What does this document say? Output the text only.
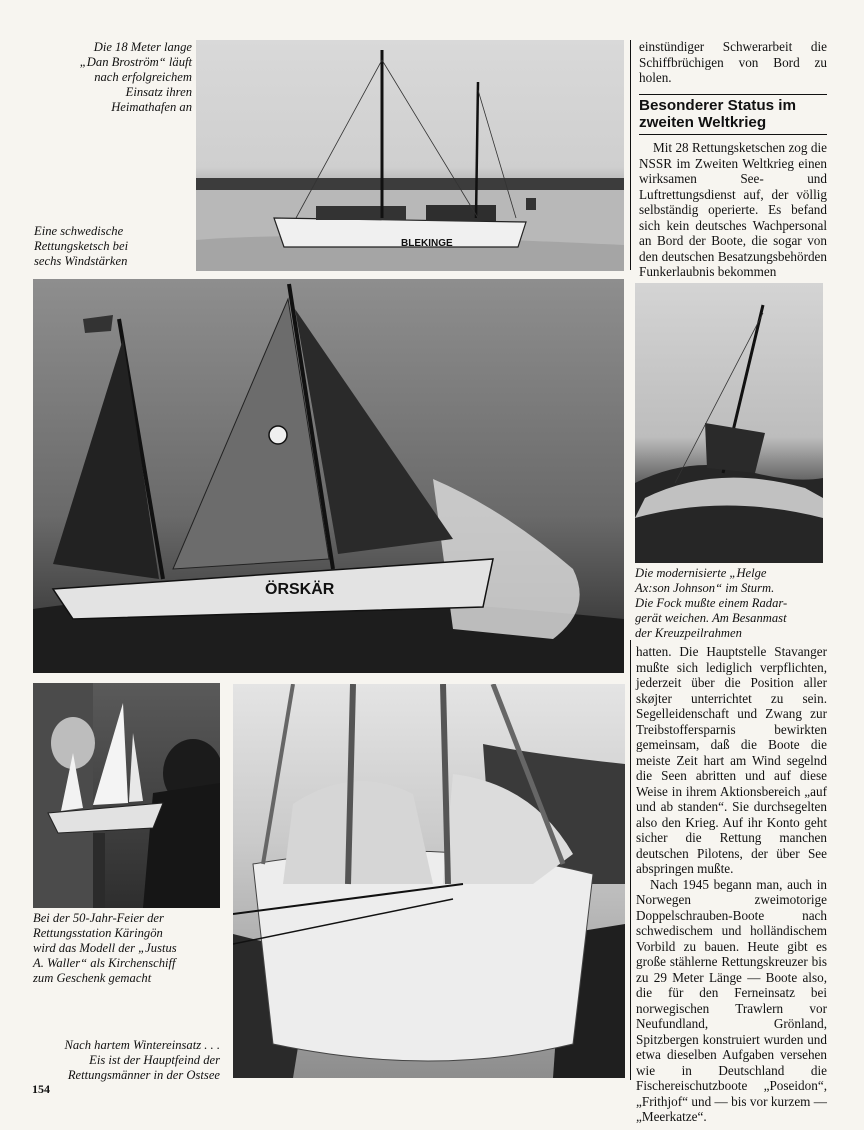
BLEKINGE
Die 18 Meter lange
„Dan Broström“ läuft
nach erfolgreichem
Einsatz ihren
Heimathafen an
Eine schwedische
Rettungsketsch bei
sechs Windstärken
ÖRSKÄR
Die modernisierte „Helge
Ax:son Johnson“ im Sturm.
Die Fock mußte einem Radar-
gerät weichen. Am Besanmast
der Kreuzpeilrahmen
Bei der 50-Jahr-Feier der
Rettungsstation Käringön
wird das Modell der „Justus
A. Waller“ als Kirchenschiff
zum Geschenk gemacht
Nach hartem Wintereinsatz . . .
Eis ist der Hauptfeind der
Rettungsmänner in der Ostsee

einstündiger Schwerarbeit die Schiffbrüchigen von Bord zu holen.

Besonderer Status im zweiten Weltkrieg

Mit 28 Rettungsketschen zog die NSSR im Zweiten Weltkrieg einen wirksamen See- und Luftrettungsdienst auf, der völlig selbständig operierte. Es befand sich kein deutsches Wachpersonal an Bord der Boote, die sogar von den deutschen Besatzungsbehörden Funkerlaubnis bekommen

hatten. Die Hauptstelle Stavanger mußte sich lediglich verpflichten, jederzeit über die Position aller skøjter unterrichtet zu sein. Segelleidenschaft und Zwang zur Treibstoffersparnis bewirkten gemeinsam, daß die Boote die meiste Zeit hart am Wind segelnd die Seen abritten und auf diese Weise in ihrem Aktionsbereich „auf und ab standen“. Sie durchsegelten also den Krieg. Auf ihr Konto geht sicher die Rettung manchen deutschen Pilotens, der über See abspringen mußte.

Nach 1945 begann man, auch in Norwegen zweimotorige Doppelschrauben-Boote nach schwedischem und holländischem Vorbild zu bauen. Heute gibt es große stählerne Rettungskreuzer bis zu 29 Meter Länge — Boote also, die für den Ferneinsatz bei norwegischen Trawlern vor Neufundland, Grönland, Spitzbergen konstruiert wurden und etwa dieselben Aufgaben versehen wie in Deutschland die Fischereischutzboote „Poseidon“, „Frithjof“ und — bis vor kurzem — „Meerkatze“.

154
